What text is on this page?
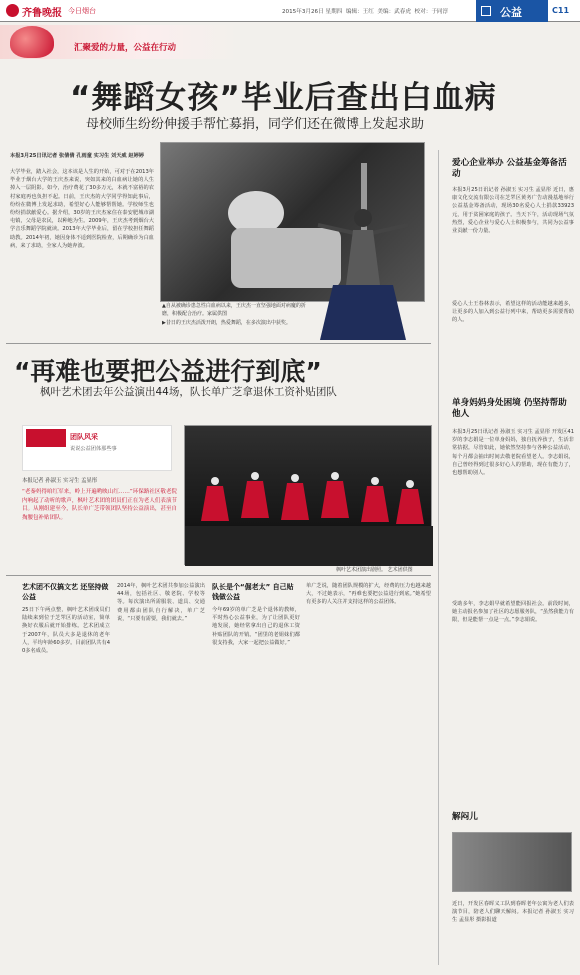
齐鲁晚报 今日烟台	2015年3月26日 星期四 编辑：王红 美编：武春虎 校对：于同淳	公益	C11
汇聚爱的力量，公益在行动
“舞蹈女孩”毕业后查出白血病
母校师生纷纷伸援手帮忙募捐，同学们还在微博上发起求助
本报3月25日讯记者 张倩倩 孔雨童 实习生 刘天威 赵婷婷
大学毕业，踏入社会，这本该是人生的开始，可对于在2013年毕业于烟台大学的王庆杰来说，突如其来的白血病让她的人生掉入一层阴影。如今，治疗费花了30多万元，本就不富裕的农村家庭再也负担不起。日前，王庆杰的大学同学得知此事后，纷纷在微博上发起求助，希望好心人能够帮帮她。学校师生也纷纷捐款献爱心。据介绍，30岁的王庆杰家住在泰安肥城市湖屯镇，父母是农民，以种地为生。2009年，王庆杰考到烟台大学音乐舞蹈学院就读。2013年大学毕业后，留在学校担任舞蹈助教。2014年初，她因身体不适到医院检查，后期确诊为白血病，来了求助，全家人为她奔波。
▲自从被确诊患急性白血病以来，王庆杰一直坚强地面对病魔的折磨，积极配合治疗。家属供图
▶昔日的王庆杰活泼开朗，热爱舞蹈，在多次演出中获奖。
爱心企业举办 公益基金筹备活动
本报3月25日讯记者 孙淑玉 实习生 孟显彤 近日，惠康文化交流有限公司在芝罘区黄务广告动漫基地举行公益基金筹备活动，现场30名爱心人士捐款33923元，用于贫困家庭的孩子。当天下午，活动现场气氛热烈，爱心企业与爱心人士积极参与，共同为公益事业贡献一份力量。
爱心人士王春林表示，希望这样的活动能越来越多，让更多的人加入到公益行列中来，帮助更多需要帮助的人。
单身妈妈身处困境 仍坚持帮助他人
本报3月25日讯记者 孙淑玉 实习生 孟显彤 开发区41岁的李志娟是一位单身妈妈，独自抚养孩子，生活非常拮据。尽管如此，她依然坚持参与各种公益活动，每个月都会抽出时间去敬老院看望老人。李志娟说，自己曾经得到过很多好心人的帮助，现在有能力了，也想帮助别人。
受助多年，李志娟早就希望能回报社会。前段时间，她主动报名参加了社区的志愿服务队，“虽然我能力有限，但是能帮一点是一点。”李志娟说。
解闷儿
近日，开发区春晖义工队到春晖老年公寓为老人们表演节目，陪老人们聊天解闷。本报记者 孙淑玉 实习生 孟显彤 摄影报道
“再难也要把公益进行到底”
枫叶艺术团去年公益演出44场，队长单广芝拿退休工资补贴团队
团队风采
说说公益团体那些事
本报记者 孙淑玉 实习生 孟显彤
“老秦妈得咱红军来，岭上开遍哟映山红……”环保路社区敬老院内响起了动听的歌声，枫叶艺术团的团员们正在为老人们表演节目。从刚组建至今，队长单广芝带领团队坚持公益演出，甚至自掏腰包补贴团队。
枫叶艺术团演出剧照。 艺术团供图
艺术团不仅搞文艺 还坚持做公益
25日下午两点整，枫叶艺术团成员们陆续来到位于芝罘区的活动室，简单换好衣服后就开始排练。艺术团成立于2007年，队员大多是退休的老年人，平均年龄60多岁。目前团队共有40多名成员。
2014年，枫叶艺术团共参加公益演出44场，包括社区、敬老院、学校等等。每次演出所需服装、道具、交通费用都由团队自行解决，单广芝说，“只要有需要，我们就去。”
队长是个“倔老太” 自己贴钱做公益
今年69岁的单广芝是个退休的教师，平时热心公益事业，为了让团队更好地发展，她经常拿出自己的退休工资补贴团队的开销。“团里的老姐妹们都很支持我，大家一起把公益做好。”
单广芝说，随着团队规模的扩大，经费的压力也越来越大，不过她表示，“再难也要把公益进行到底。”她希望有更多的人关注并支持这样的公益团体。
